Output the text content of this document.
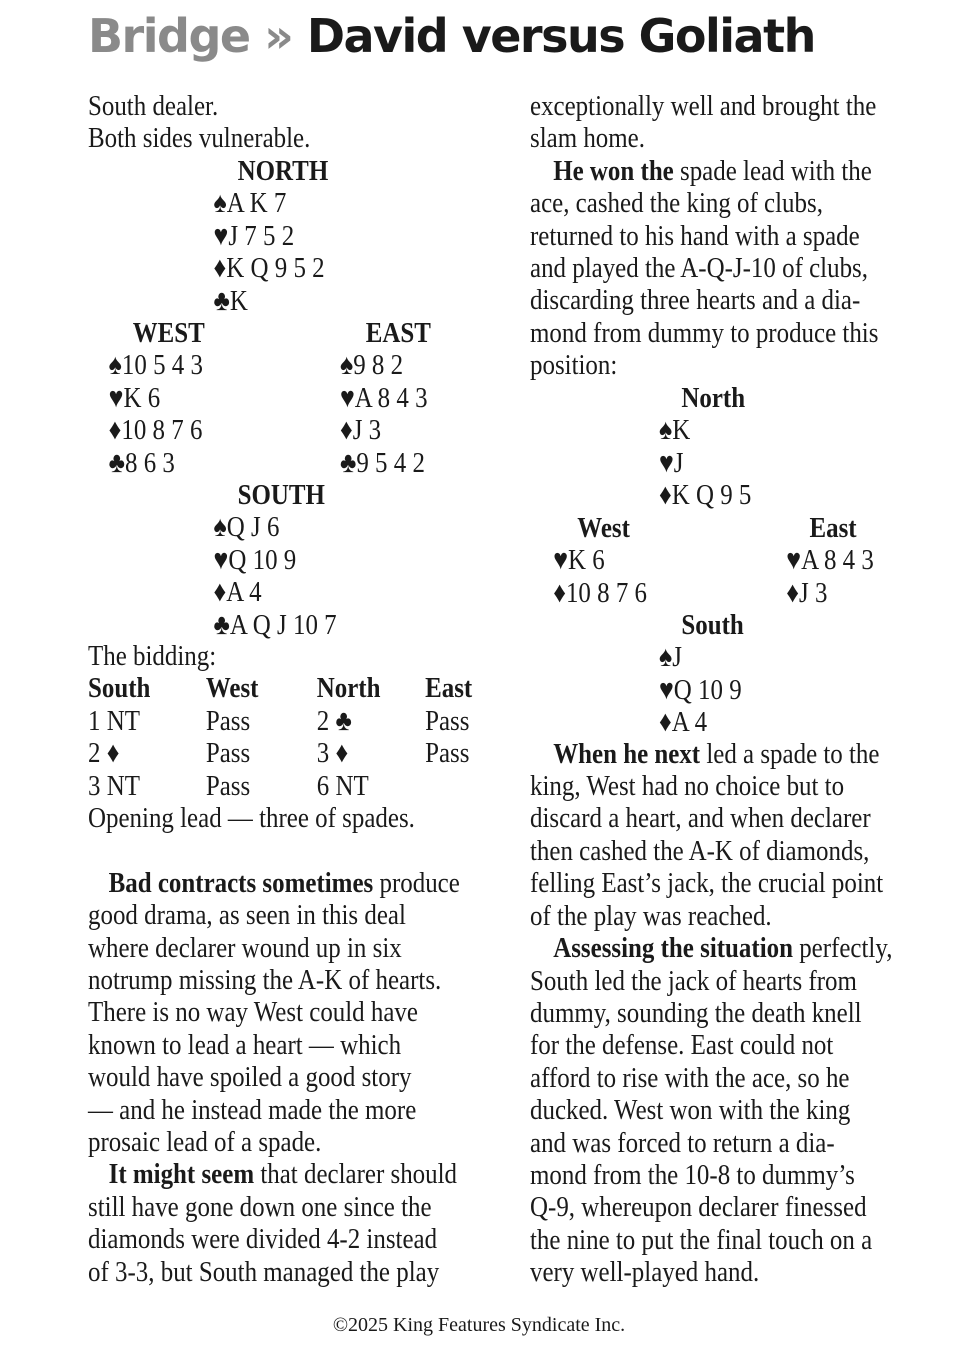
Bridge » David versus Goliath
South dealer.
Both sides vulnerable.
NORTH
♠A K 7
♥J 7 5 2
♦K Q 9 5 2
♣K
WEST
♠10 5 4 3
♥K 6
♦10 8 7 6
♣8 6 3
EAST
♠9 8 2
♥A 8 4 3
♦J 3
♣9 5 4 2
SOUTH
♠Q J 6
♥Q 10 9
♦A 4
♣A Q J 10 7
The bidding:
South	West	North	East
1 NT	Pass	2 ♣	Pass
2 ♦	Pass	3 ♦	Pass
3 NT	Pass	6 NT
Opening lead — three of spades.
Bad contracts sometimes produce
good drama, as seen in this deal
where declarer wound up in six
notrump missing the A-K of hearts.
There is no way West could have
known to lead a heart — which
would have spoiled a good story
— and he instead made the more
prosaic lead of a spade.
It might seem that declarer should
still have gone down one since the
diamonds were divided 4-2 instead
of 3-3, but South managed the play
exceptionally well and brought the
slam home.
He won the spade lead with the
ace, cashed the king of clubs,
returned to his hand with a spade
and played the A-Q-J-10 of clubs,
discarding three hearts and a dia-
mond from dummy to produce this
position:
North
♠K
♥J
♦K Q 9 5
West
♥K 6
♦10 8 7 6
East
♥A 8 4 3
♦J 3
South
♠J
♥Q 10 9
♦A 4
When he next led a spade to the
king, West had no choice but to
discard a heart, and when declarer
then cashed the A-K of diamonds,
felling East’s jack, the crucial point
of the play was reached.
Assessing the situation perfectly,
South led the jack of hearts from
dummy, sounding the death knell
for the defense. East could not
afford to rise with the ace, so he
ducked. West won with the king
and was forced to return a dia-
mond from the 10-8 to dummy’s
Q-9, whereupon declarer finessed
the nine to put the final touch on a
very well-played hand.
©2025 King Features Syndicate Inc.
